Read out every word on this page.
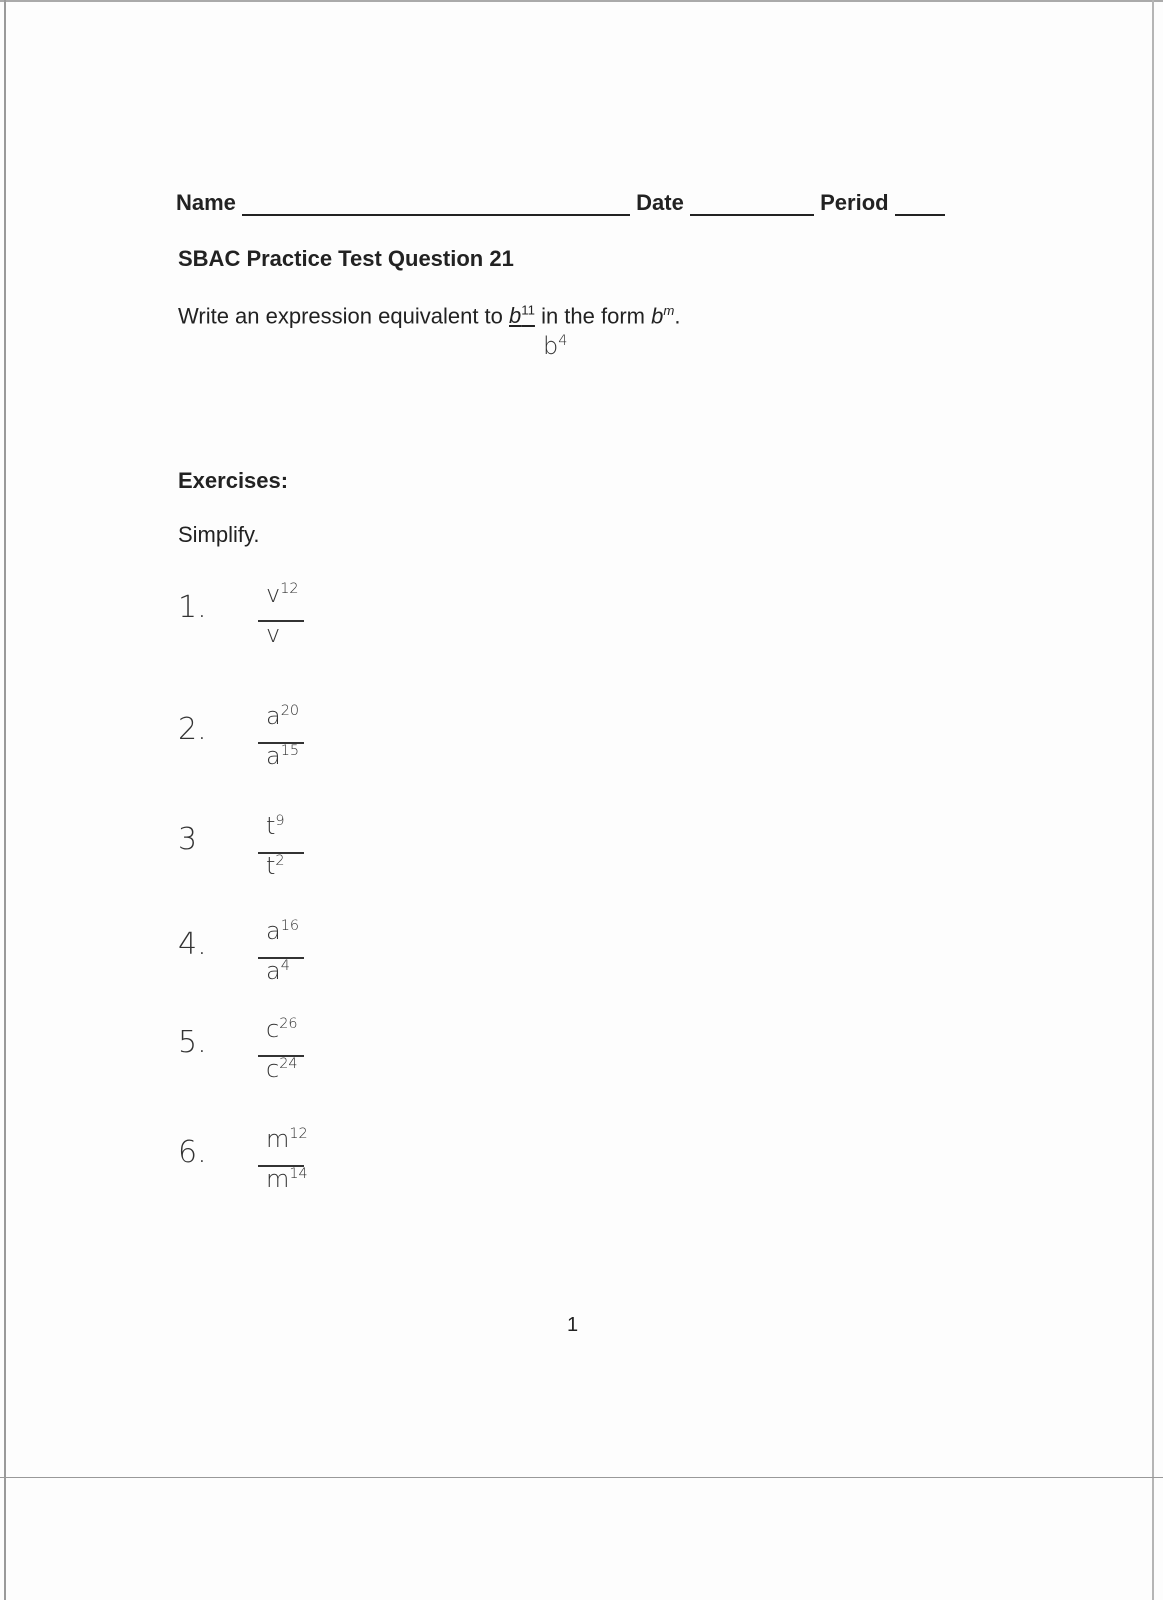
Name	Date	Period
SBAC Practice Test Question 21
Write an expression equivalent to $b^{11}$ in the form $b^m$.
$b^4$
Exercises:
Simplify.
1. $v^{12}$
v
2. $a^{20}$
$a^{15}$
3	$t^9$
$t^2$
4. $a^{16}$
$a^4$
5. $c^{26}$
$c^{24}$
6. $m^{12}$
$m^{14}$
1
